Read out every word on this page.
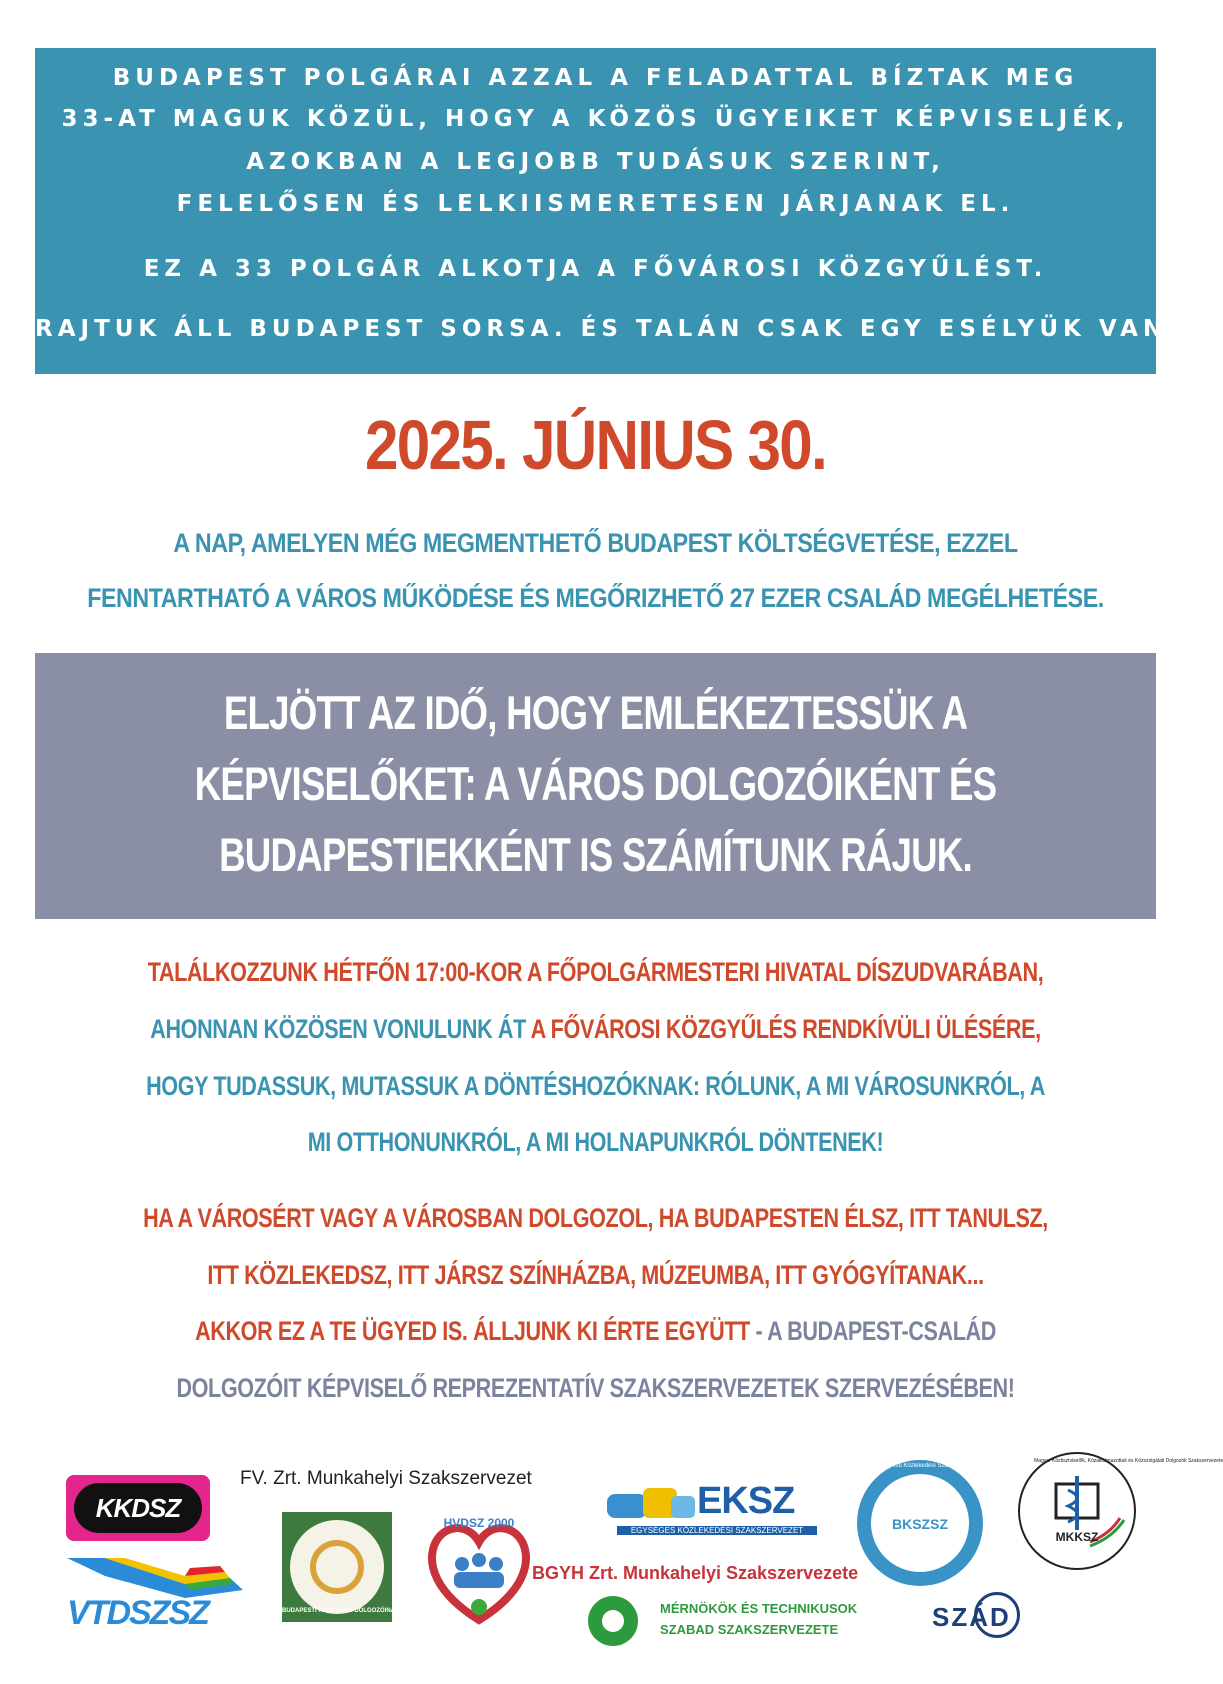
BUDAPEST POLGÁRAI AZZAL A FELADATTAL BÍZTAK MEG
33-AT MAGUK KÖZÜL, HOGY A KÖZÖS ÜGYEIKET KÉPVISELJÉK,
AZOKBAN A LEGJOBB TUDÁSUK SZERINT,
FELELŐSEN ÉS LELKIISMERETESEN JÁRJANAK EL.
EZ A 33 POLGÁR ALKOTJA A FŐVÁROSI KÖZGYŰLÉST.
RAJTUK ÁLL BUDAPEST SORSA. ÉS TALÁN CSAK EGY ESÉLYÜK VAN:
2025. JÚNIUS 30.
A NAP, AMELYEN MÉG MEGMENTHETŐ BUDAPEST KÖLTSÉGVETÉSE, EZZEL
FENNTARTHATÓ A VÁROS MŰKÖDÉSE ÉS MEGŐRIZHETŐ 27 EZER CSALÁD MEGÉLHETÉSE.
ELJÖTT AZ IDŐ, HOGY EMLÉKEZTESSÜK A
KÉPVISELŐKET: A VÁROS DOLGOZÓIKÉNT ÉS
BUDAPESTIEKKÉNT IS SZÁMÍTUNK RÁJUK.
TALÁLKOZZUNK HÉTFŐN 17:00-KOR A FŐPOLGÁRMESTERI HIVATAL DÍSZUDVARÁBAN,
AHONNAN KÖZÖSEN VONULUNK ÁT A FŐVÁROSI KÖZGYŰLÉS RENDKÍVÜLI ÜLÉSÉRE,
HOGY TUDASSUK, MUTASSUK A DÖNTÉSHOZÓKNAK: RÓLUNK, A MI VÁROSUNKRÓL, A
MI OTTHONUNKRÓL, A MI HOLNAPUNKRÓL DÖNTENEK!
HA A VÁROSÉRT VAGY A VÁROSBAN DOLGOZOL, HA BUDAPESTEN ÉLSZ, ITT TANULSZ,
ITT KÖZLEKEDSZ, ITT JÁRSZ SZÍNHÁZBA, MÚZEUMBA, ITT GYÓGYÍTANAK...
AKKOR EZ A TE ÜGYED IS. ÁLLJUNK KI ÉRTE EGYÜTT - A BUDAPEST-CSALÁD
DOLGOZÓIT KÉPVISELŐ REPREZENTATÍV SZAKSZERVEZETEK SZERVEZÉSÉBEN!
KKDSZ
VTDSZSZ
FV. Zrt. Munkahelyi Szakszervezet
BUDAPESTI KÖZMŰVEK DOLGOZÓINAK SZAKSZERVEZETE
HVDSZ 2000
EKSZ
EGYSÉGES KÖZLEKEDÉSI SZAKSZERVEZET
BGYH Zrt. Munkahelyi Szakszervezete
MÉRNÖKÖK ÉS TECHNIKUSOK
SZABAD SZAKSZERVEZETE
BKSZSZ
Budapesti Közlekedési Szakszervezetek Szövetsége
MKKSZ
Magyar Köztisztviselők, Közalkalmazottak és Közszolgálati Dolgozók Szakszervezete
SZÁD
